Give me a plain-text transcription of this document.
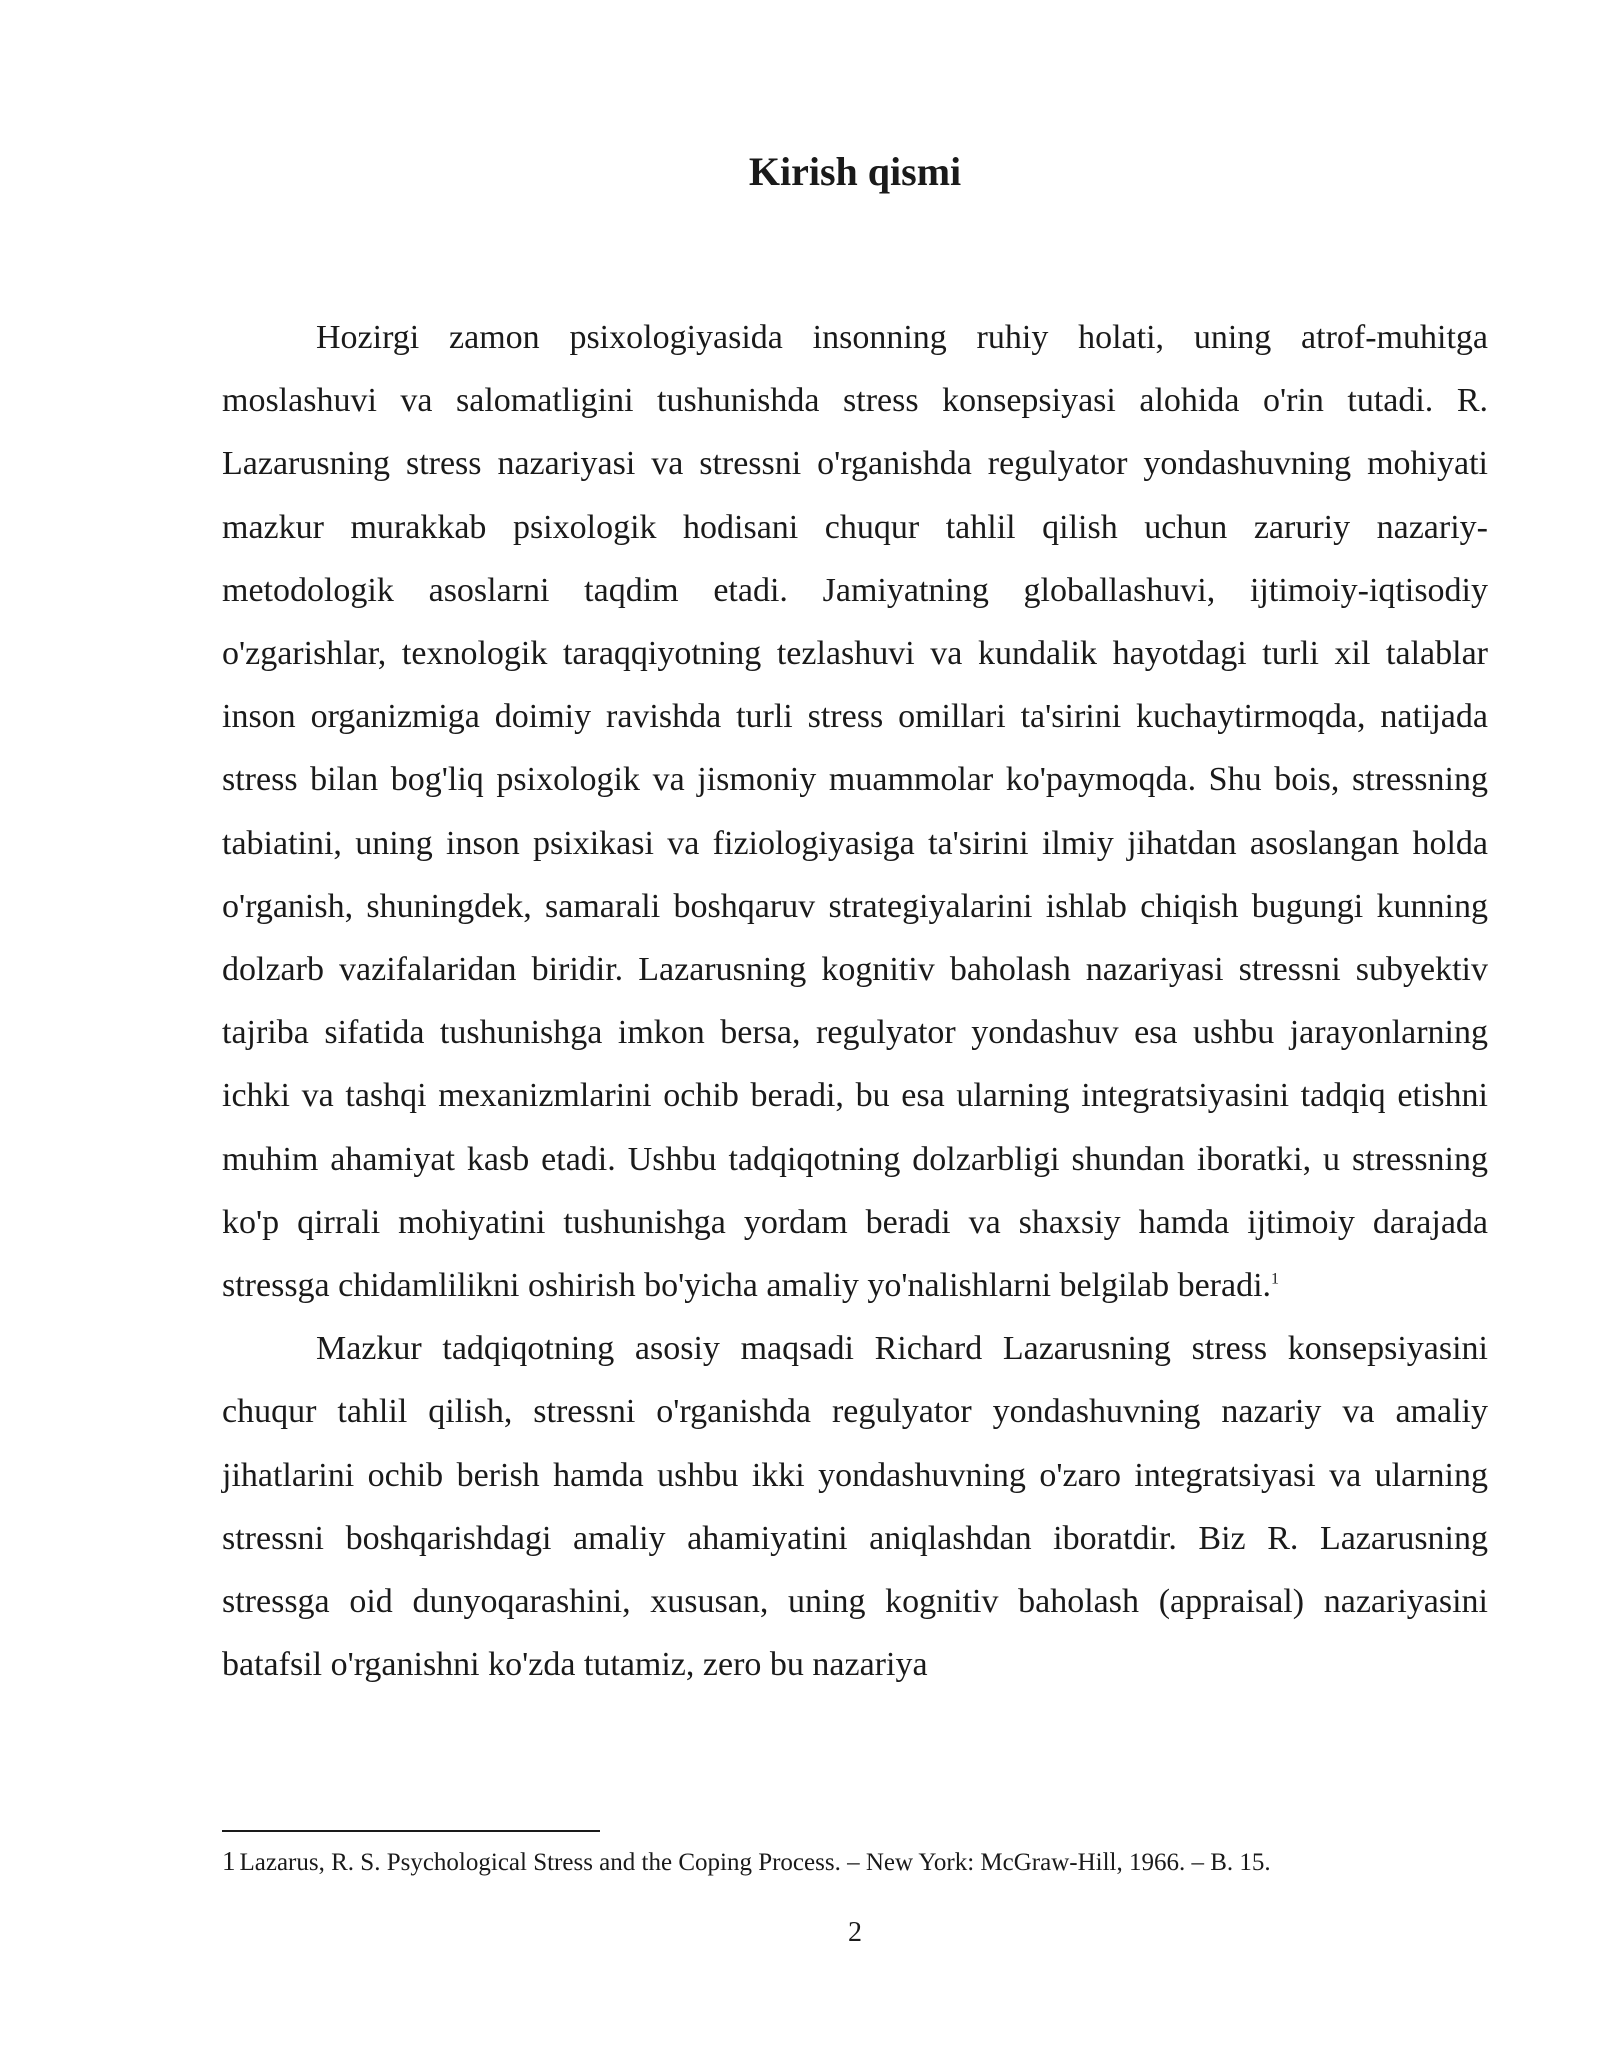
Kirish qismi

Hozirgi zamon psixologiyasida insonning ruhiy holati, uning atrof-muhitga moslashuvi va salomatligini tushunishda stress konsepsiyasi alohida o'rin tutadi. R. Lazarusning stress nazariyasi va stressni o'rganishda regulyator yondashuvning mohiyati mazkur murakkab psixologik hodisani chuqur tahlil qilish uchun zaruriy nazariy-metodologik asoslarni taqdim etadi. Jamiyatning globallashuvi, ijtimoiy-iqtisodiy o'zgarishlar, texnologik taraqqiyotning tezlashuvi va kundalik hayotdagi turli xil talablar inson organizmiga doimiy ravishda turli stress omillari ta'sirini kuchaytirmoqda, natijada stress bilan bog'liq psixologik va jismoniy muammolar ko'paymoqda. Shu bois, stressning tabiatini, uning inson psixikasi va fiziologiyasiga ta'sirini ilmiy jihatdan asoslangan holda o'rganish, shuningdek, samarali boshqaruv strategiyalarini ishlab chiqish bugungi kunning dolzarb vazifalaridan biridir. Lazarusning kognitiv baholash nazariyasi stressni subyektiv tajriba sifatida tushunishga imkon bersa, regulyator yondashuv esa ushbu jarayonlarning ichki va tashqi mexanizmlarini ochib beradi, bu esa ularning integratsiyasini tadqiq etishni muhim ahamiyat kasb etadi. Ushbu tadqiqotning dolzarbligi shundan iboratki, u stressning ko'p qirrali mohiyatini tushunishga yordam beradi va shaxsiy hamda ijtimoiy darajada stressga chidamlilikni oshirish bo'yicha amaliy yo'nalishlarni belgilab beradi.$^1$

Mazkur tadqiqotning asosiy maqsadi Richard Lazarusning stress konsepsiyasini chuqur tahlil qilish, stressni o'rganishda regulyator yondashuvning nazariy va amaliy jihatlarini ochib berish hamda ushbu ikki yondashuvning o'zaro integratsiyasi va ularning stressni boshqarishdagi amaliy ahamiyatini aniqlashdan iboratdir. Biz R. Lazarusning stressga oid dunyoqarashini, xususan, uning kognitiv baholash (appraisal) nazariyasini batafsil o'rganishni ko'zda tutamiz, zero bu nazariya

1 Lazarus, R. S. Psychological Stress and the Coping Process. – New York: McGraw-Hill, 1966. – B. 15.
2
